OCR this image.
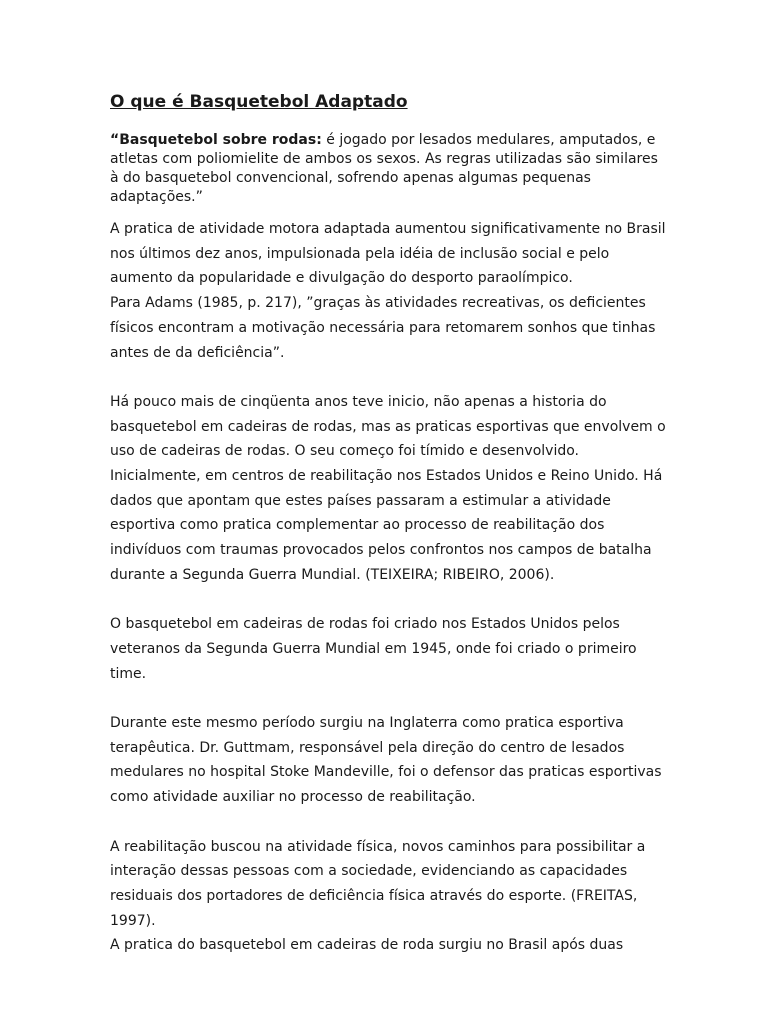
O que é Basquetebol Adaptado

“Basquetebol sobre rodas: é jogado por lesados medulares, amputados, e atletas com poliomielite de ambos os sexos. As regras utilizadas são similares à do basquetebol convencional, sofrendo apenas algumas pequenas adaptações.”

A pratica de atividade motora adaptada aumentou significativamente no Brasil nos últimos dez anos, impulsionada pela idéia de inclusão social e pelo aumento da popularidade e divulgação do desporto paraolímpico.

Para Adams (1985, p. 217), ”graças às atividades recreativas, os deficientes físicos encontram a motivação necessária para retomarem sonhos que tinhas antes de da deficiência”.

Há pouco mais de cinqüenta anos teve inicio, não apenas a historia do basquetebol em cadeiras de rodas, mas as praticas esportivas que envolvem o uso de cadeiras de rodas. O seu começo foi tímido e desenvolvido. Inicialmente, em centros de reabilitação nos Estados Unidos e Reino Unido. Há dados que apontam que estes países passaram a estimular a atividade esportiva como pratica complementar ao processo de reabilitação dos indivíduos com traumas provocados pelos confrontos nos campos de batalha durante a Segunda Guerra Mundial. (TEIXEIRA; RIBEIRO, 2006).

O basquetebol em cadeiras de rodas foi criado nos Estados Unidos pelos veteranos da Segunda Guerra Mundial em 1945, onde foi criado o primeiro time.

Durante este mesmo período surgiu na Inglaterra como pratica esportiva terapêutica. Dr. Guttmam, responsável pela direção do centro de lesados medulares no hospital Stoke Mandeville, foi o defensor das praticas esportivas como atividade auxiliar no processo de reabilitação.

A reabilitação buscou na atividade física, novos caminhos para possibilitar a interação dessas pessoas com a sociedade, evidenciando as capacidades residuais dos portadores de deficiência física através do esporte. (FREITAS, 1997).

A pratica do basquetebol em cadeiras de roda surgiu no Brasil após duas
